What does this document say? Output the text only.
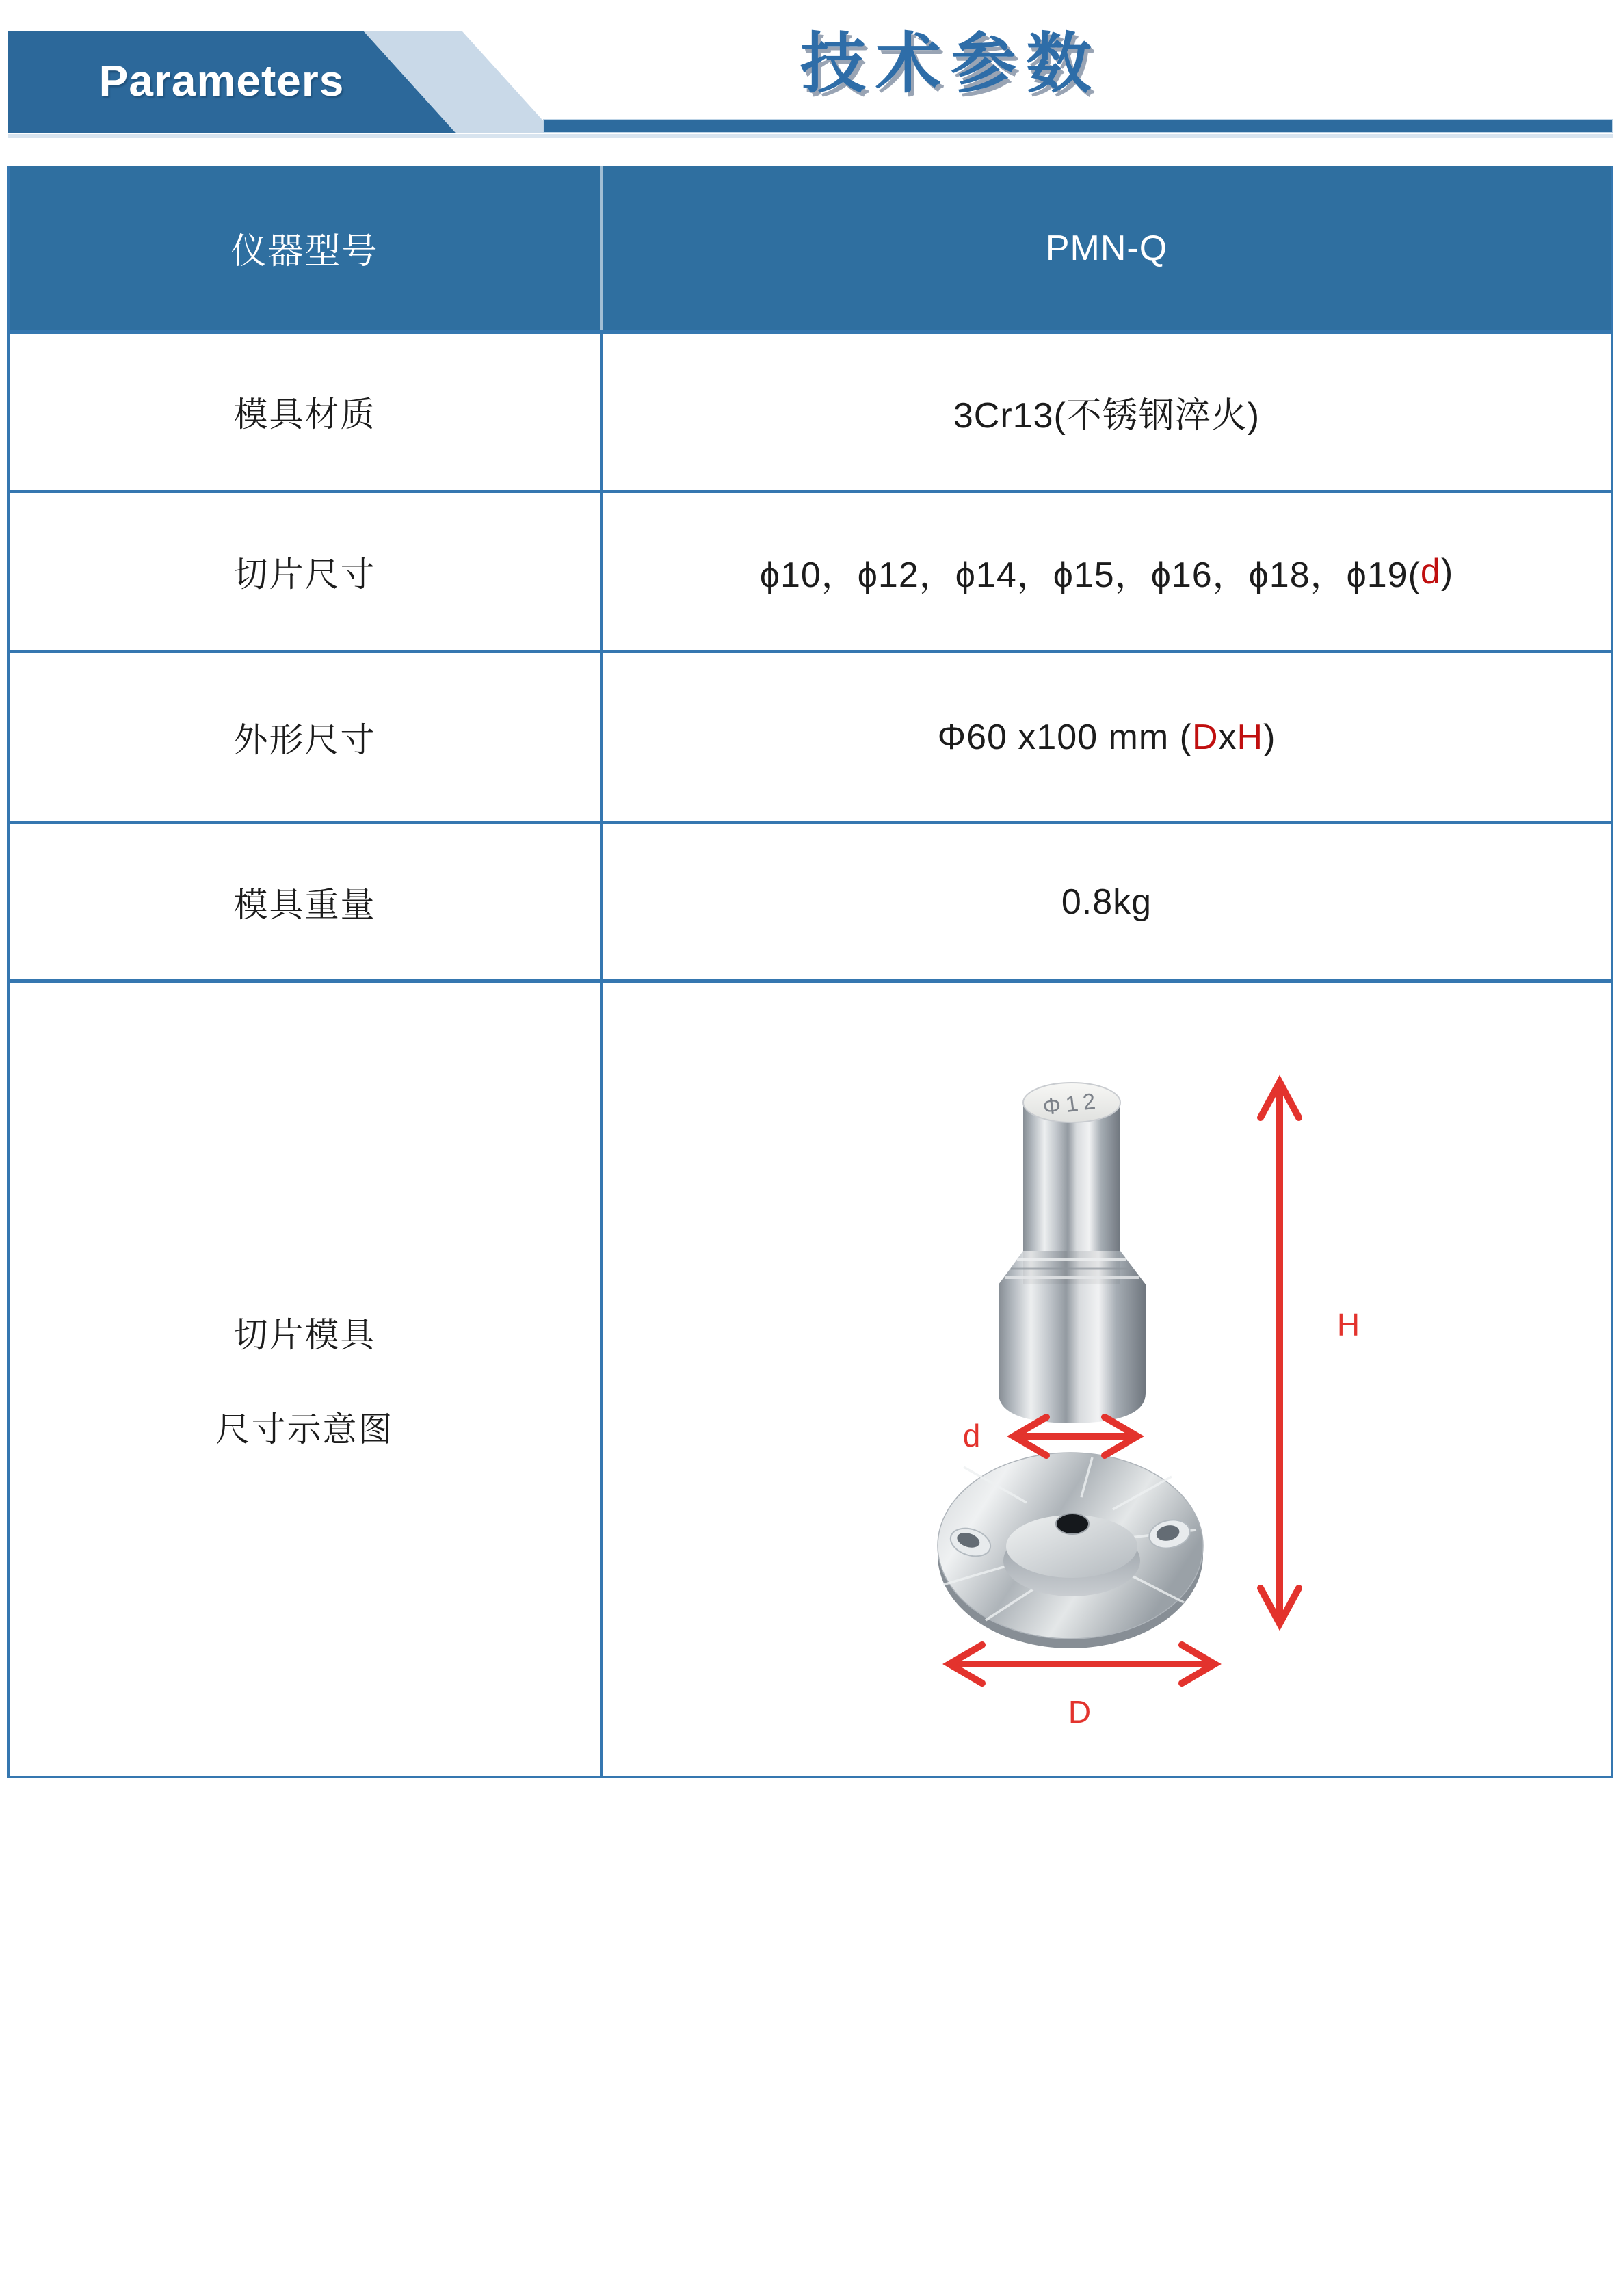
Parameters	技术参数
仪器型号	PMN-Q
模具材质	3Cr13(不锈钢淬火)
切片尺寸	ϕ10，ϕ12，ϕ14，ϕ15，ϕ16，ϕ18，ϕ19( d )
外形尺寸	Φ60 x100 mm ( D x H )
模具重量	0.8kg
切片模具
尺寸示意图
Φ12
d
H
D
